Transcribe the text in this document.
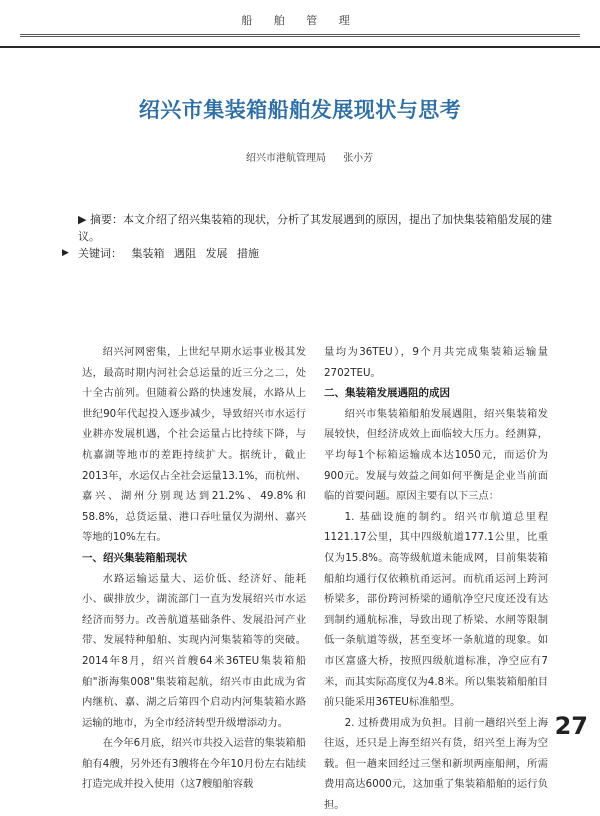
船 舶 管 理
绍兴市集装箱船舶发展现状与思考
绍兴市港航管理局 张小芳
▶ 摘要：本文介绍了绍兴集装箱的现状，分析了其发展遇到的原因，提出了加快集装箱船发展的建议。
▶ 关键词： 集装箱 遇阻 发展 措施

绍兴河网密集，上世纪早期水运事业极其发达，最高时期内河社会总运量的近三分之二，处十全古前列。但随着公路的快速发展，水路从上世纪90年代起投入逐步减少，导致绍兴市水运行业耕亦发展机遇，个社会运量占比持续下降，与杭嘉湖等地市的差距持续扩大。据统计，截止2013年，水运仅占全社会运量13.1%，而杭州、嘉兴、湖州分别现达到21.2%、49.8%和58.8%，总货运量、港口吞吐量仅为湖州、嘉兴等地的10%左右。

一、绍兴集装箱船现状

水路运输运量大、运价低、经济好、能耗小、碳排放少，湖流部门一直为发展绍兴市水运经济而努力。改善航道基础条件、发展沿河产业带、发展特种船舶、实现内河集装箱等的突破。2014年8月，绍兴首艘64米36TEU集装箱船舶"浙海集008"集装箱起航，绍兴市由此成为省内继杭、嘉、湖之后第四个启动内河集装箱水路运输的地市，为全市经济转型升级增添动力。

在今年6月底，绍兴市共投入运营的集装箱船舶有4艘，另外还有3艘将在今年10月份左右陆续打造完成并投入使用（这7艘船舶容载

量均为36TEU），9个月共完成集装箱运输量2702TEU。

二、集装箱发展遇阻的成因

绍兴市集装箱船舶发展遇阻，绍兴集装箱发展较快，但经济成效上面临较大压力。经测算，平均每1个标箱运输成本达1050元，而运价为900元。发展与效益之间如何平衡是企业当前面临的首要问题。原因主要有以下三点：

1. 基础设施的制约。绍兴市航道总里程1121.17公里，其中四级航道177.1公里，比重仅为15.8%。高等级航道未能成网，目前集装箱船舶均通行仅依赖杭甬运河。而杭甬运河上跨河桥梁多，部份跨河桥梁的通航净空尺度还没有达到制约通航标准，导致出现了桥梁、水闸等限制低一条航道等级，甚至变坏一条航道的现象。如市区富盛大桥，按照四级航道标准，净空应有7米，而其实际高度仅为4.8米。所以集装箱船舶目前只能采用36TEU标准船型。

2. 过桥费用成为负担。目前一趟绍兴至上海往返，还只是上海至绍兴有货，绍兴至上海为空载。但一趟来回经过三堡和新坝两座船闸，所需费用高达6000元，这加重了集装箱船舶的运行负担。

27
